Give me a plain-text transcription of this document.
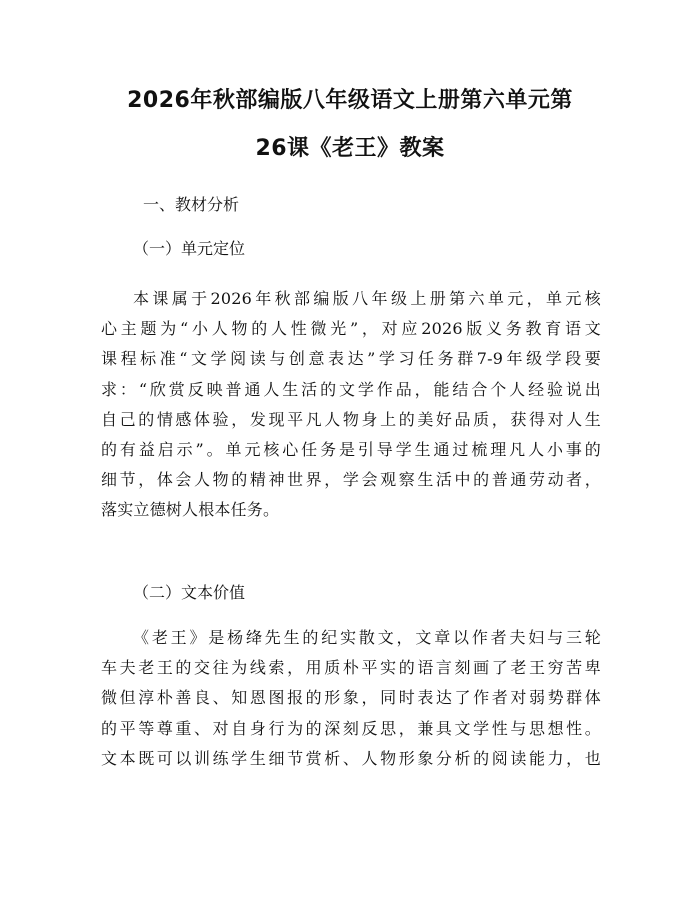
2026年秋部编版八年级语文上册第六单元第
26课《老王》教案
一、教材分析
（一）单元定位
本课属于2026年秋部编版八年级上册第六单元，单元核
心主题为“小人物的人性微光”，对应2026版义务教育语文
课程标准“文学阅读与创意表达”学习任务群7-9年级学段要
求：“欣赏反映普通人生活的文学作品，能结合个人经验说出
自己的情感体验，发现平凡人物身上的美好品质，获得对人生
的有益启示”。单元核心任务是引导学生通过梳理凡人小事的
细节，体会人物的精神世界，学会观察生活中的普通劳动者，
落实立德树人根本任务。
（二）文本价值
《老王》是杨绛先生的纪实散文，文章以作者夫妇与三轮
车夫老王的交往为线索，用质朴平实的语言刻画了老王穷苦卑
微但淳朴善良、知恩图报的形象，同时表达了作者对弱势群体
的平等尊重、对自身行为的深刻反思，兼具文学性与思想性。
文本既可以训练学生细节赏析、人物形象分析的阅读能力，也
